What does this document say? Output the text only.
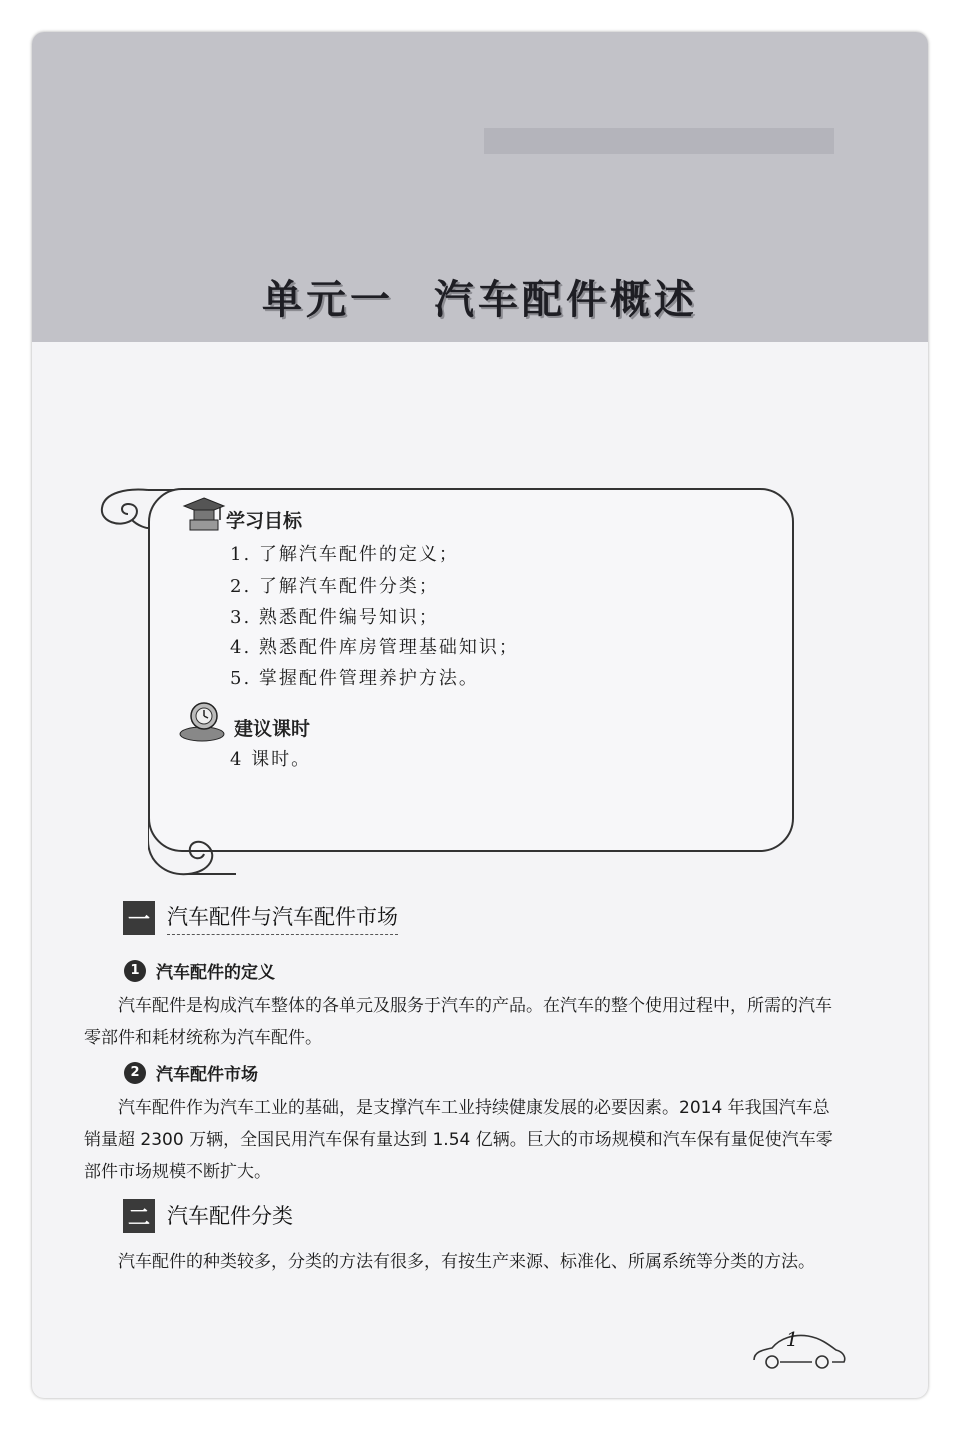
单元一 汽车配件概述
学习目标
1. 了解汽车配件的定义；
2. 了解汽车配件分类；
3. 熟悉配件编号知识；
4. 熟悉配件库房管理基础知识；
5. 掌握配件管理养护方法。
建议课时
4 课时。
一 汽车配件与汽车配件市场
1 汽车配件的定义
汽车配件是构成汽车整体的各单元及服务于汽车的产品。在汽车的整个使用过程中，所需的汽车零部件和耗材统称为汽车配件。
2 汽车配件市场
汽车配件作为汽车工业的基础，是支撑汽车工业持续健康发展的必要因素。2014 年我国汽车总销量超 2300 万辆，全国民用汽车保有量达到 1.54 亿辆。巨大的市场规模和汽车保有量促使汽车零部件市场规模不断扩大。
二 汽车配件分类
汽车配件的种类较多，分类的方法有很多，有按生产来源、标准化、所属系统等分类的方法。
1
